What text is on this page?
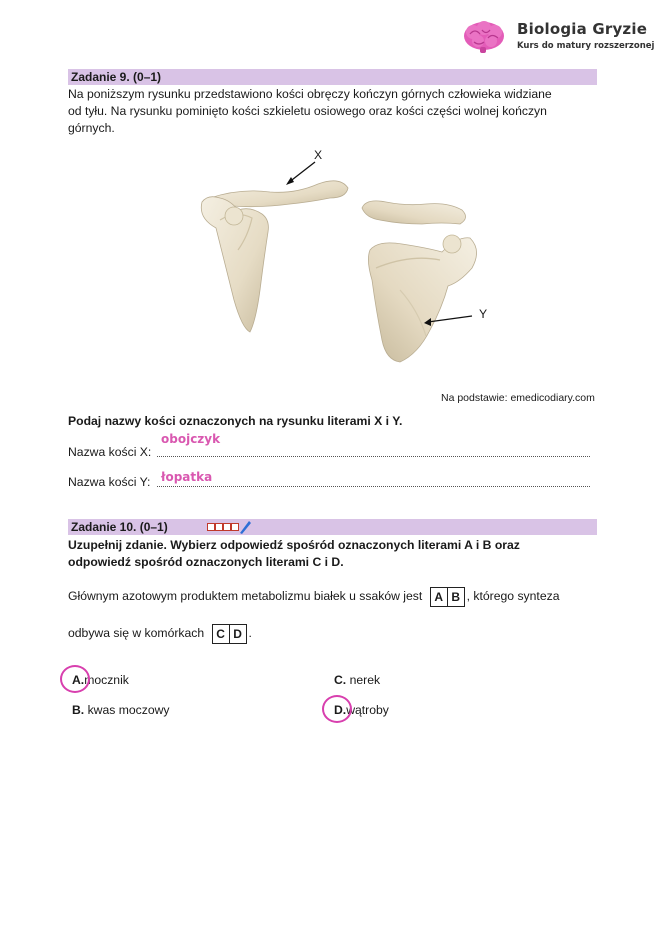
Biologia Gryzie
Kurs do matury rozszerzonej
Zadanie 9. (0–1)
Na poniższym rysunku przedstawiono kości obręczy kończyn górnych człowieka widziane
od tyłu. Na rysunku pominięto kości szkieletu osiowego oraz kości części wolnej kończyn
górnych.
X
Y
Na podstawie: emedicodiary.com
Podaj nazwy kości oznaczonych na rysunku literami X i Y.
Nazwa kości X:
obojczyk
Nazwa kości Y: łopatka
Zadanie 10. (0–1)
Uzupełnij zdanie. Wybierz odpowiedź spośród oznaczonych literami A i B oraz
odpowiedź spośród oznaczonych literami C i D.
Głównym azotowym produktem metabolizmu białek u ssaków jest	A B , którego synteza
odbywa się w komórkach	C D .
A.mocznik
B. kwas moczowy
C. nerek
D.wątroby
